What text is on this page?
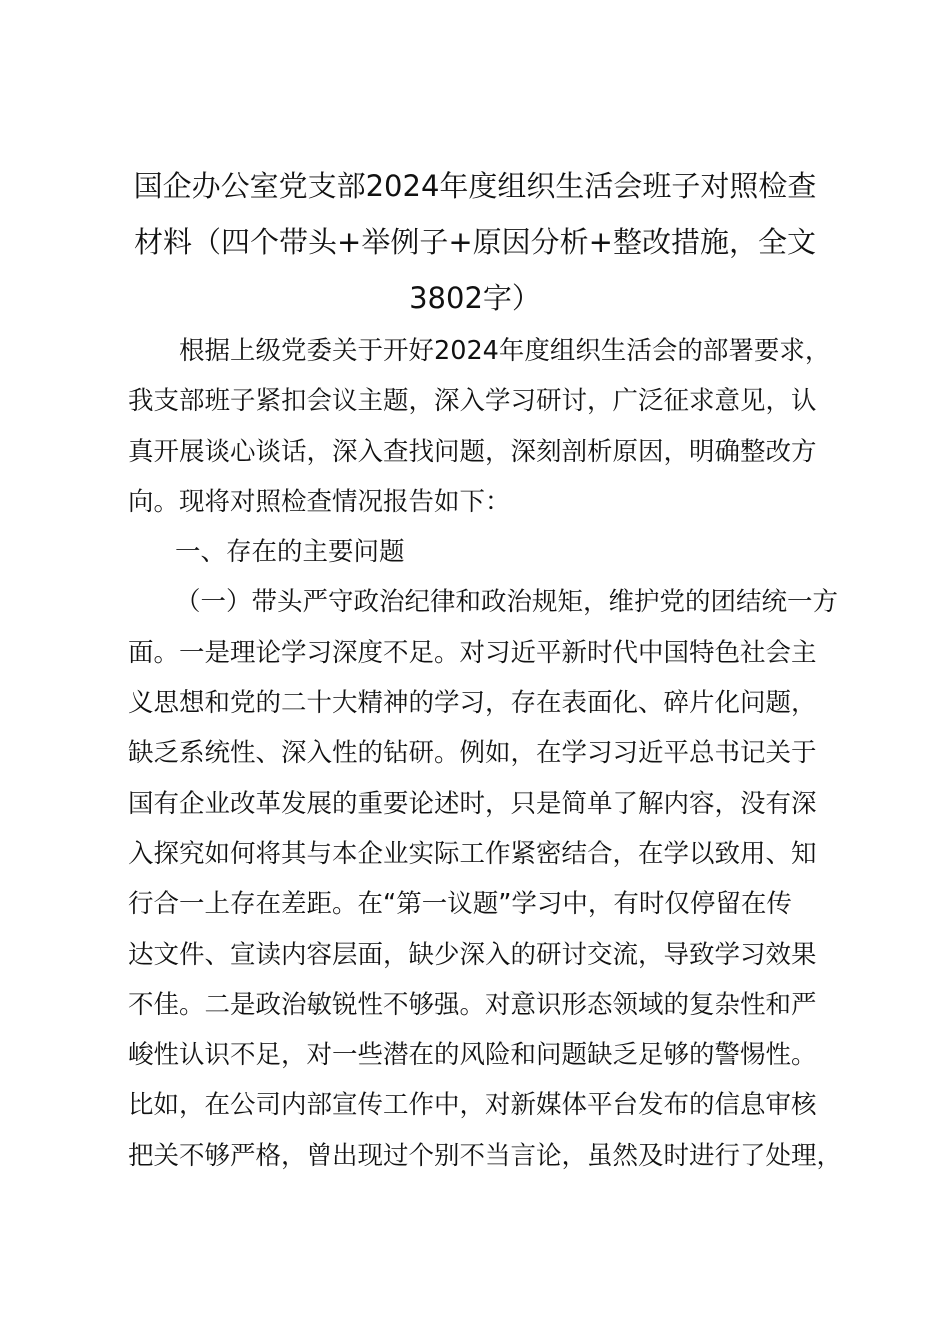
国企办公室党支部2024年度组织生活会班子对照检查
材料（四个带头+举例子+原因分析+整改措施，全文
3802字）
根据上级党委关于开好2024年度组织生活会的部署要求，
我支部班子紧扣会议主题，深入学习研讨，广泛征求意见，认
真开展谈心谈话，深入查找问题，深刻剖析原因，明确整改方
向。现将对照检查情况报告如下：
一、存在的主要问题
（一）带头严守政治纪律和政治规矩，维护党的团结统一方
面。一是理论学习深度不足。对习近平新时代中国特色社会主
义思想和党的二十大精神的学习，存在表面化、碎片化问题，
缺乏系统性、深入性的钻研。例如，在学习习近平总书记关于
国有企业改革发展的重要论述时，只是简单了解内容，没有深
入探究如何将其与本企业实际工作紧密结合，在学以致用、知
行合一上存在差距。在“第一议题”学习中，有时仅停留在传
达文件、宣读内容层面，缺少深入的研讨交流，导致学习效果
不佳。二是政治敏锐性不够强。对意识形态领域的复杂性和严
峻性认识不足，对一些潜在的风险和问题缺乏足够的警惕性。
比如，在公司内部宣传工作中，对新媒体平台发布的信息审核
把关不够严格，曾出现过个别不当言论，虽然及时进行了处理，
